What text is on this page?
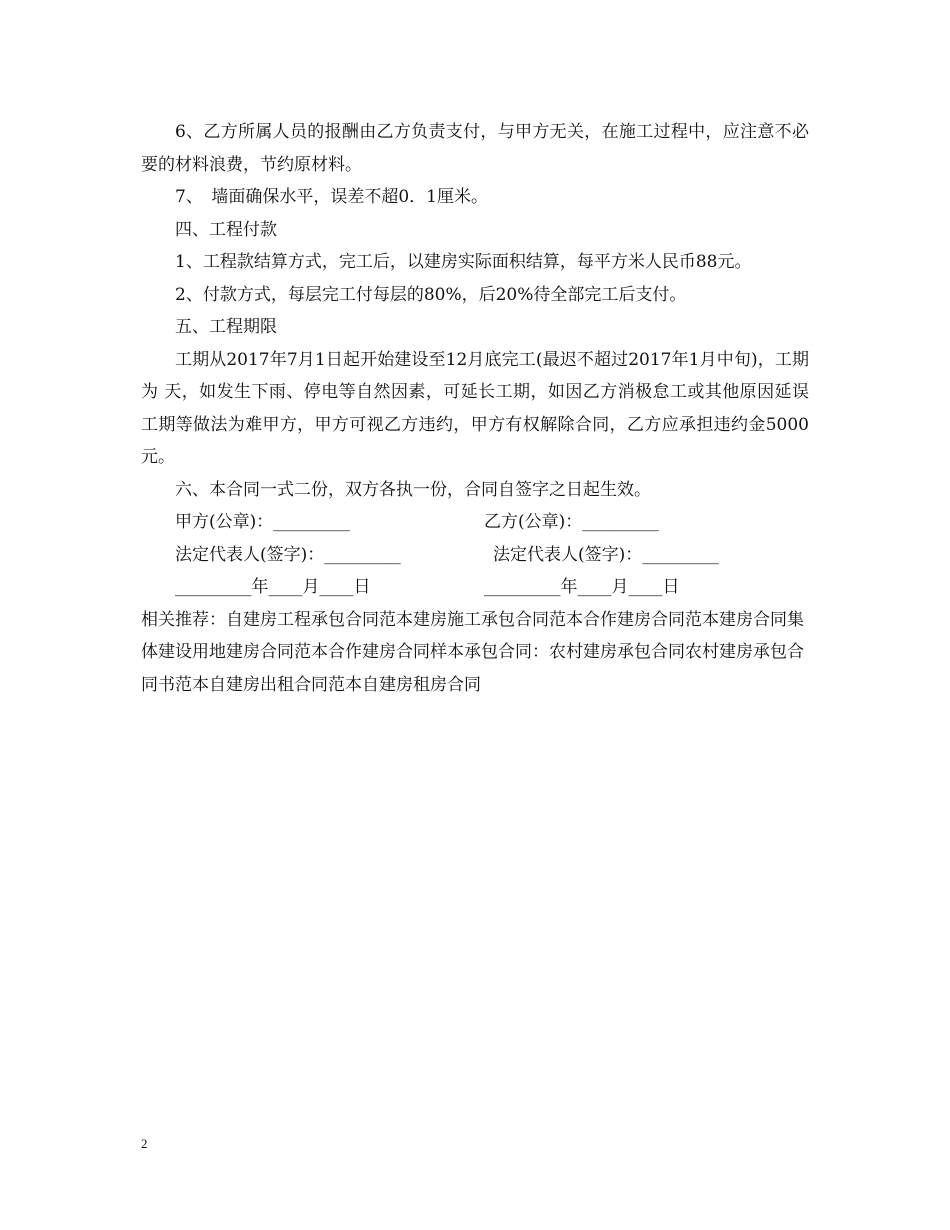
6、乙方所属人员的报酬由乙方负责支付，与甲方无关，在施工过程中，应注意不必要的材料浪费，节约原材料。

7、　墙面确保水平，误差不超0．1厘米。

四、工程付款

1、工程款结算方式，完工后，以建房实际面积结算，每平方米人民币88元。

2、付款方式，每层完工付每层的80%，后20%待全部完工后支付。

五、工程期限

工期从2017年7月1日起开始建设至12月底完工(最迟不超过2017年1月中旬)，工期为 天，如发生下雨、停电等自然因素，可延长工期，如因乙方消极怠工或其他原因延误工期等做法为难甲方，甲方可视乙方违约，甲方有权解除合同，乙方应承担违约金5000元。

六、本合同一式二份，双方各执一份，合同自签字之日起生效。

甲方(公章)：_________	乙方(公章)：_________
法定代表人(签字)：_________	法定代表人(签字)：_________
_________年____月____日	_________年____月____日

相关推荐：自建房工程承包合同范本建房施工承包合同范本合作建房合同范本建房合同集体建设用地建房合同范本合作建房合同样本承包合同：农村建房承包合同农村建房承包合同书范本自建房出租合同范本自建房租房合同

2
